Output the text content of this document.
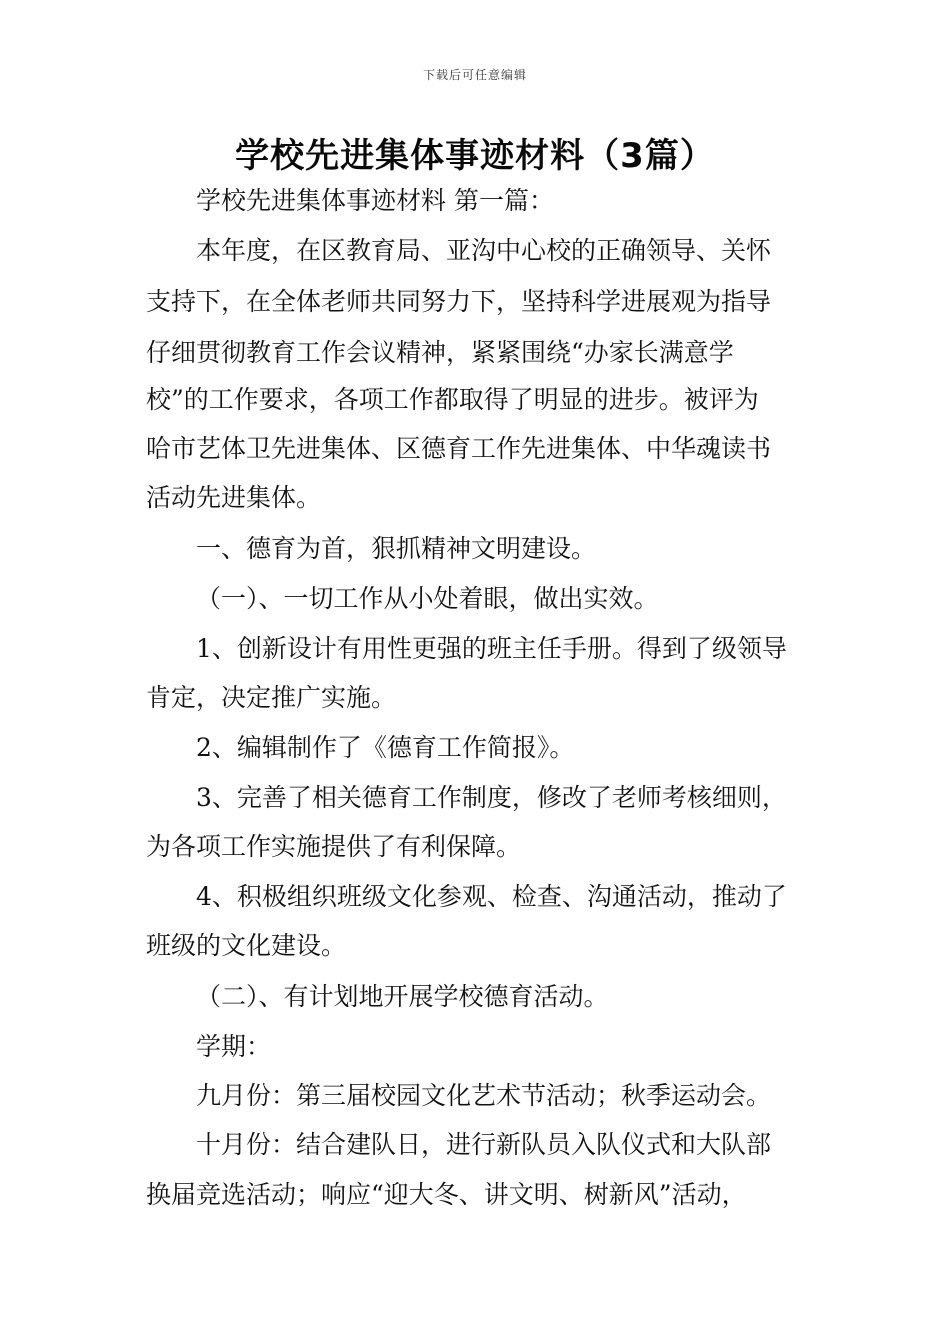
下载后可任意编辑
学校先进集体事迹材料（3篇）
学校先进集体事迹材料 第一篇：
本年度，在区教育局、亚沟中心校的正确领导、关怀
支持下，在全体老师共同努力下，坚持科学进展观为指导
仔细贯彻教育工作会议精神，紧紧围绕“办家长满意学
校”的工作要求，各项工作都取得了明显的进步。被评为
哈市艺体卫先进集体、区德育工作先进集体、中华魂读书
活动先进集体。
一、德育为首，狠抓精神文明建设。
（一）、一切工作从小处着眼，做出实效。
1、创新设计有用性更强的班主任手册。得到了级领导
肯定，决定推广实施。
2、编辑制作了《德育工作简报》。
3、完善了相关德育工作制度，修改了老师考核细则，
为各项工作实施提供了有利保障。
4、积极组织班级文化参观、检查、沟通活动，推动了
班级的文化建设。
（二）、有计划地开展学校德育活动。
学期：
九月份：第三届校园文化艺术节活动；秋季运动会。
十月份：结合建队日，进行新队员入队仪式和大队部
换届竞选活动；响应“迎大冬、讲文明、树新风”活动，
